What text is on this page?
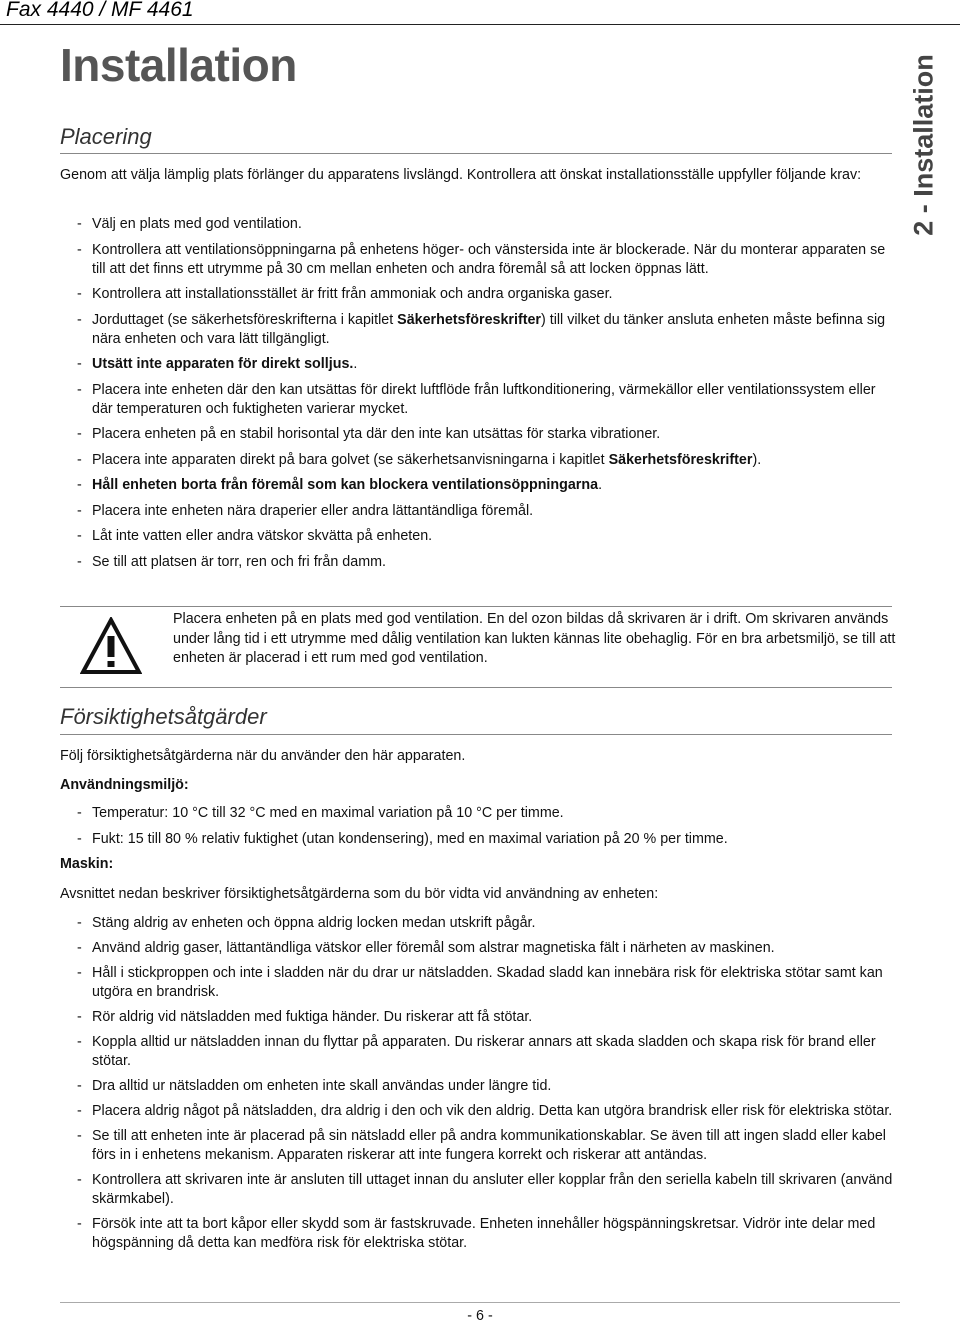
Fax 4440 / MF 4461
Installation	2 - Installation
Placering
Genom att välja lämplig plats förlänger du apparatens livslängd. Kontrollera att önskat installationsställe uppfyller följande krav:
- Välj en plats med god ventilation.
- Kontrollera att ventilationsöppningarna på enhetens höger- och vänstersida inte är blockerade. När du monterar apparaten se till att det finns ett utrymme på 30 cm mellan enheten och andra föremål så att locken öppnas lätt.
- Kontrollera att installationsstället är fritt från ammoniak och andra organiska gaser.
- Jorduttaget (se säkerhetsföreskrifterna i kapitlet Säkerhetsföreskrifter) till vilket du tänker ansluta enheten måste befinna sig nära enheten och vara lätt tillgängligt.
- Utsätt inte apparaten för direkt solljus..
- Placera inte enheten där den kan utsättas för direkt luftflöde från luftkonditionering, värmekällor eller ventilationssystem eller där temperaturen och fuktigheten varierar mycket.
- Placera enheten på en stabil horisontal yta där den inte kan utsättas för starka vibrationer.
- Placera inte apparaten direkt på bara golvet (se säkerhetsanvisningarna i kapitlet Säkerhetsföreskrifter).
- Håll enheten borta från föremål som kan blockera ventilationsöppningarna.
- Placera inte enheten nära draperier eller andra lättantändliga föremål.
- Låt inte vatten eller andra vätskor skvätta på enheten.
- Se till att platsen är torr, ren och fri från damm.
Placera enheten på en plats med god ventilation. En del ozon bildas då skrivaren är i drift. Om skrivaren används under lång tid i ett utrymme med dålig ventilation kan lukten kännas lite obehaglig. För en bra arbetsmiljö, se till att enheten är placerad i ett rum med god ventilation.
Försiktighetsåtgärder
Följ försiktighetsåtgärderna när du använder den här apparaten.
Användningsmiljö:
- Temperatur: 10 °C till 32 °C med en maximal variation på 10 °C per timme.
- Fukt: 15 till 80 % relativ fuktighet (utan kondensering), med en maximal variation på 20 % per timme.
Maskin:
Avsnittet nedan beskriver försiktighetsåtgärderna som du bör vidta vid användning av enheten:
- Stäng aldrig av enheten och öppna aldrig locken medan utskrift pågår.
- Använd aldrig gaser, lättantändliga vätskor eller föremål som alstrar magnetiska fält i närheten av maskinen.
- Håll i stickproppen och inte i sladden när du drar ur nätsladden. Skadad sladd kan innebära risk för elektriska stötar samt kan utgöra en brandrisk.
- Rör aldrig vid nätsladden med fuktiga händer. Du riskerar att få stötar.
- Koppla alltid ur nätsladden innan du flyttar på apparaten. Du riskerar annars att skada sladden och skapa risk för brand eller stötar.
- Dra alltid ur nätsladden om enheten inte skall användas under längre tid.
- Placera aldrig något på nätsladden, dra aldrig i den och vik den aldrig. Detta kan utgöra brandrisk eller risk för elektriska stötar.
- Se till att enheten inte är placerad på sin nätsladd eller på andra kommunikationskablar. Se även till att ingen sladd eller kabel förs in i enhetens mekanism. Apparaten riskerar att inte fungera korrekt och riskerar att antändas.
- Kontrollera att skrivaren inte är ansluten till uttaget innan du ansluter eller kopplar från den seriella kabeln till skrivaren (använd skärmkabel).
- Försök inte att ta bort kåpor eller skydd som är fastskruvade. Enheten innehåller högspänningskretsar. Vidrör inte delar med högspänning då detta kan medföra risk för elektriska stötar.
- 6 -
